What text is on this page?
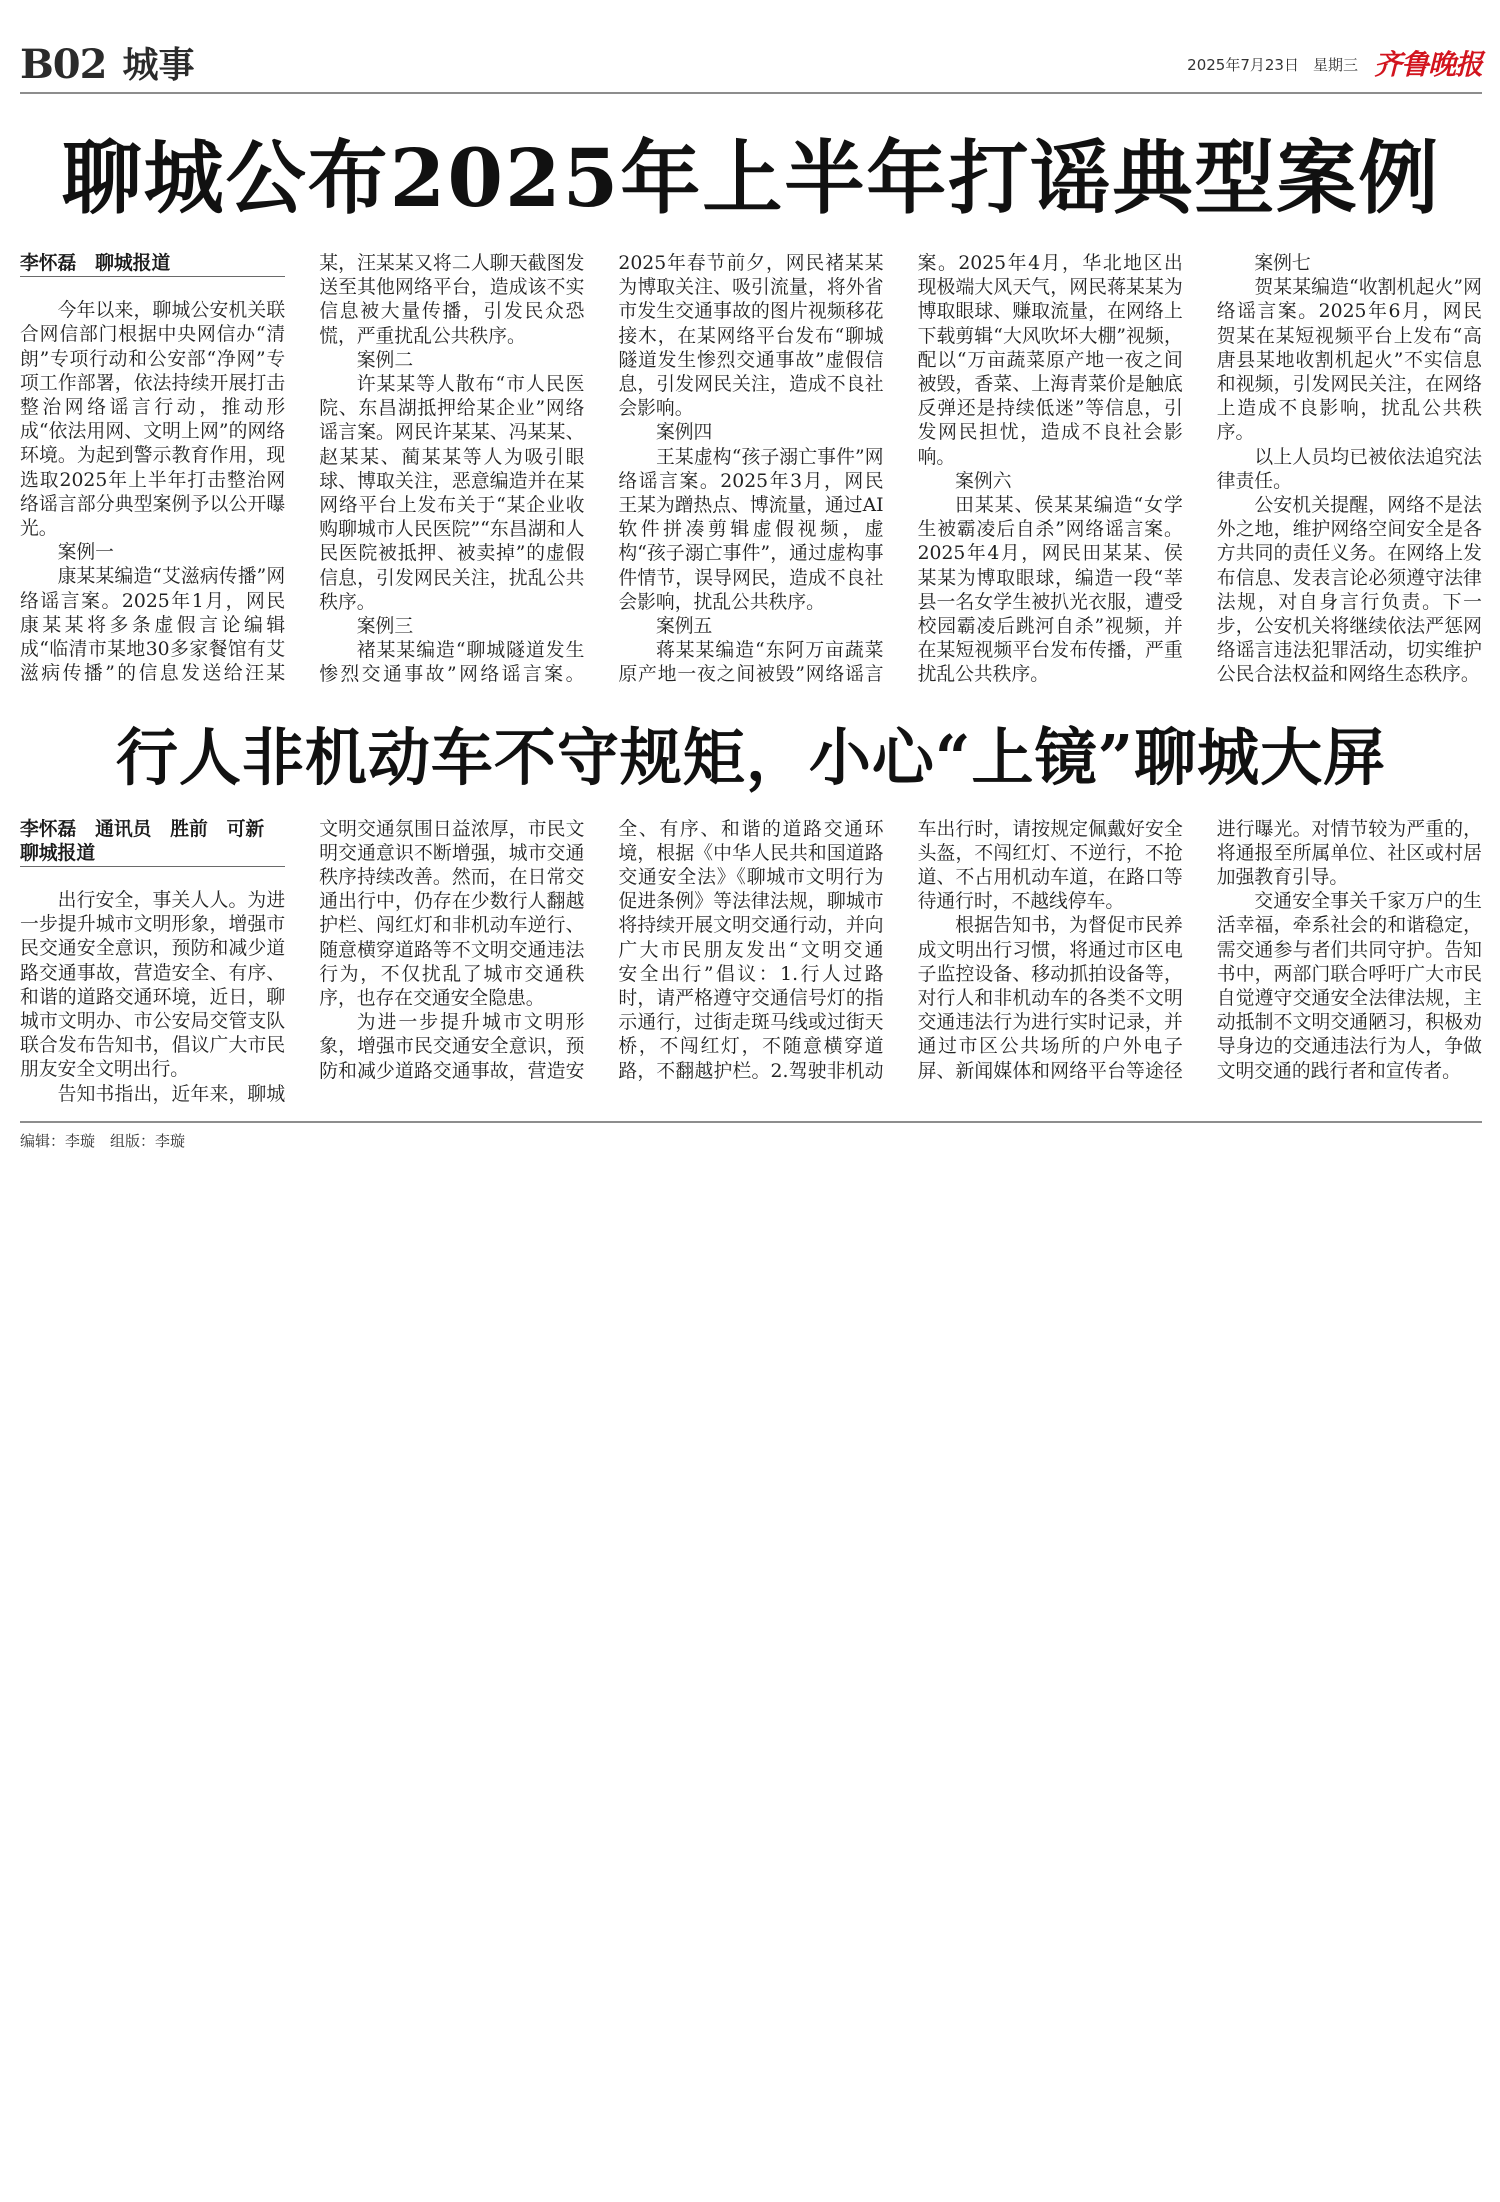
B02 城事	2025年7月23日 星期三 齐鲁晚报
聊城公布2025年上半年打谣典型案例
李怀磊　聊城报道

今年以来，聊城公安机关联合网信部门根据中央网信办“清朗”专项行动和公安部“净网”专项工作部署，依法持续开展打击整治网络谣言行动，推动形成“依法用网、文明上网”的网络环境。为起到警示教育作用，现选取2025年上半年打击整治网络谣言部分典型案例予以公开曝光。

案例一

康某某编造“艾滋病传播”网络谣言案。2025年1月，网民康某某将多条虚假言论编辑成“临清市某地30多家餐馆有艾滋病传播”的信息发送给汪某某，汪某某又将二人聊天截图发送至其他网络平台，造成该不实信息被大量传播，引发民众恐慌，严重扰乱公共秩序。

案例二

许某某等人散布“市人民医院、东昌湖抵押给某企业”网络谣言案。网民许某某、冯某某、赵某某、蔺某某等人为吸引眼球、博取关注，恶意编造并在某网络平台上发布关于“某企业收购聊城市人民医院”“东昌湖和人民医院被抵押、被卖掉”的虚假信息，引发网民关注，扰乱公共秩序。

案例三

褚某某编造“聊城隧道发生惨烈交通事故”网络谣言案。2025年春节前夕，网民褚某某为博取关注、吸引流量，将外省市发生交通事故的图片视频移花接木，在某网络平台发布“聊城隧道发生惨烈交通事故”虚假信息，引发网民关注，造成不良社会影响。

案例四

王某虚构“孩子溺亡事件”网络谣言案。2025年3月，网民王某为蹭热点、博流量，通过AI软件拼凑剪辑虚假视频，虚构“孩子溺亡事件”，通过虚构事件情节，误导网民，造成不良社会影响，扰乱公共秩序。

案例五

蒋某某编造“东阿万亩蔬菜原产地一夜之间被毁”网络谣言案。2025年4月，华北地区出现极端大风天气，网民蒋某某为博取眼球、赚取流量，在网络上下载剪辑“大风吹坏大棚”视频，配以“万亩蔬菜原产地一夜之间被毁，香菜、上海青菜价是触底反弹还是持续低迷”等信息，引发网民担忧，造成不良社会影响。

案例六

田某某、侯某某编造“女学生被霸凌后自杀”网络谣言案。2025年4月，网民田某某、侯某某为博取眼球，编造一段“莘县一名女学生被扒光衣服，遭受校园霸凌后跳河自杀”视频，并在某短视频平台发布传播，严重扰乱公共秩序。

案例七

贺某某编造“收割机起火”网络谣言案。2025年6月，网民贺某在某短视频平台上发布“高唐县某地收割机起火”不实信息和视频，引发网民关注，在网络上造成不良影响，扰乱公共秩序。

以上人员均已被依法追究法律责任。

公安机关提醒，网络不是法外之地，维护网络空间安全是各方共同的责任义务。在网络上发布信息、发表言论必须遵守法律法规，对自身言行负责。下一步，公安机关将继续依法严惩网络谣言违法犯罪活动，切实维护公民合法权益和网络生态秩序。

行人非机动车不守规矩，小心“上镜”聊城大屏
李怀磊　通讯员　胜前　可新
聊城报道

出行安全，事关人人。为进一步提升城市文明形象，增强市民交通安全意识，预防和减少道路交通事故，营造安全、有序、和谐的道路交通环境，近日，聊城市文明办、市公安局交管支队联合发布告知书，倡议广大市民朋友安全文明出行。

告知书指出，近年来，聊城文明交通氛围日益浓厚，市民文明交通意识不断增强，城市交通秩序持续改善。然而，在日常交通出行中，仍存在少数行人翻越护栏、闯红灯和非机动车逆行、随意横穿道路等不文明交通违法行为，不仅扰乱了城市交通秩序，也存在交通安全隐患。

为进一步提升城市文明形象，增强市民交通安全意识，预防和减少道路交通事故，营造安全、有序、和谐的道路交通环境，根据《中华人民共和国道路交通安全法》《聊城市文明行为促进条例》等法律法规，聊城市将持续开展文明交通行动，并向广大市民朋友发出“文明交通　安全出行”倡议：1.行人过路时，请严格遵守交通信号灯的指示通行，过街走斑马线或过街天桥，不闯红灯，不随意横穿道路，不翻越护栏。2.驾驶非机动车出行时，请按规定佩戴好安全头盔，不闯红灯、不逆行，不抢道、不占用机动车道，在路口等待通行时，不越线停车。

根据告知书，为督促市民养成文明出行习惯，将通过市区电子监控设备、移动抓拍设备等，对行人和非机动车的各类不文明交通违法行为进行实时记录，并通过市区公共场所的户外电子屏、新闻媒体和网络平台等途径进行曝光。对情节较为严重的，将通报至所属单位、社区或村居加强教育引导。

交通安全事关千家万户的生活幸福，牵系社会的和谐稳定，需交通参与者们共同守护。告知书中，两部门联合呼吁广大市民自觉遵守交通安全法律法规，主动抵制不文明交通陋习，积极劝导身边的交通违法行为人，争做文明交通的践行者和宣传者。

编辑：李璇　组版：李璇
